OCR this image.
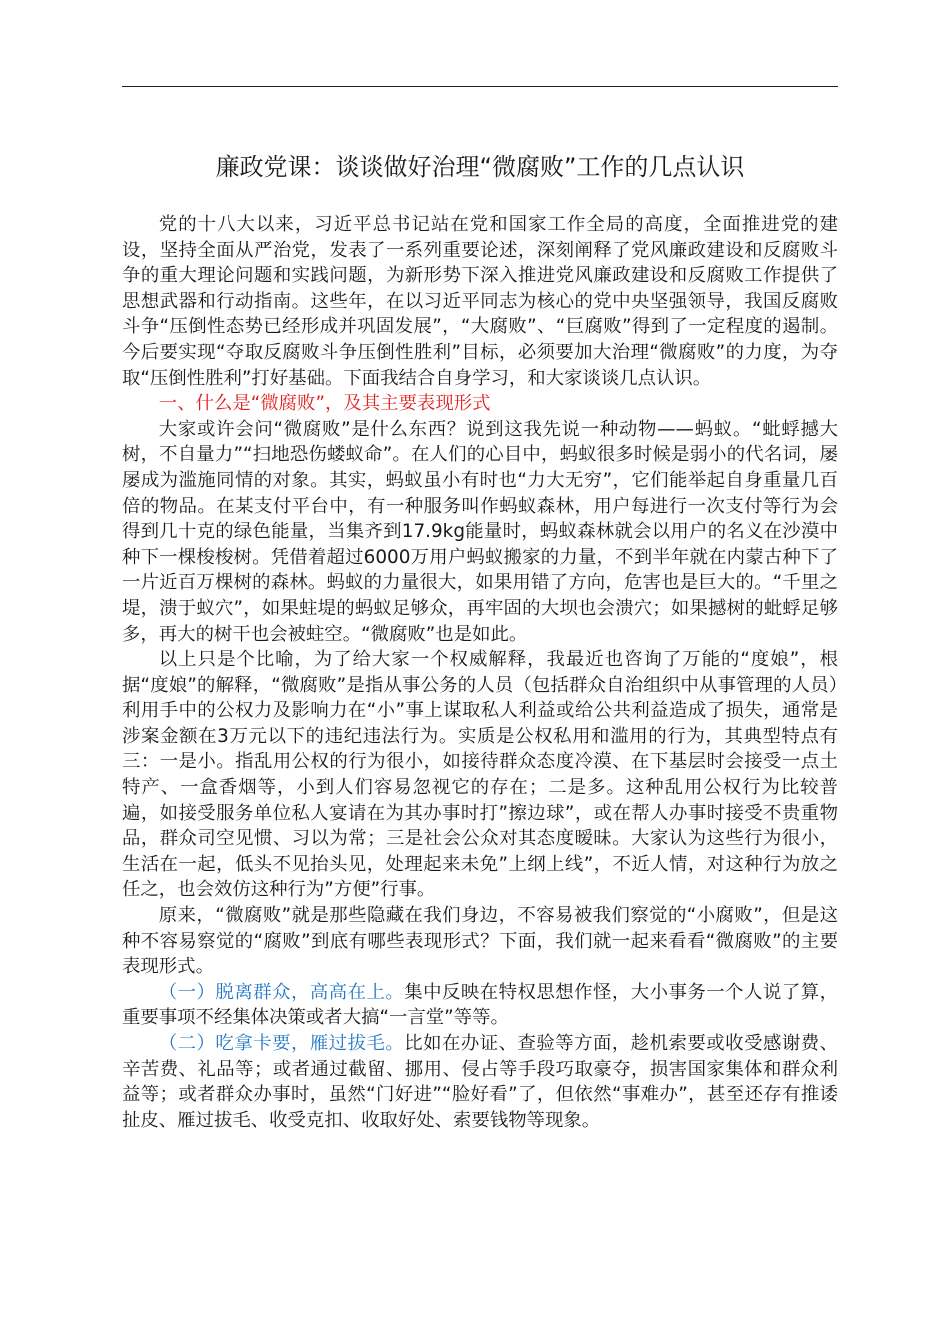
廉政党课：谈谈做好治理“微腐败”工作的几点认识

党的十八大以来，习近平总书记站在党和国家工作全局的高度，全面推进党的建设，坚持全面从严治党，发表了一系列重要论述，深刻阐释了党风廉政建设和反腐败斗争的重大理论问题和实践问题，为新形势下深入推进党风廉政建设和反腐败工作提供了思想武器和行动指南。这些年，在以习近平同志为核心的党中央坚强领导，我国反腐败斗争“压倒性态势已经形成并巩固发展”，“大腐败”、“巨腐败”得到了一定程度的遏制。今后要实现“夺取反腐败斗争压倒性胜利”目标，必须要加大治理“微腐败”的力度，为夺取“压倒性胜利”打好基础。下面我结合自身学习，和大家谈谈几点认识。

一、什么是“微腐败”，及其主要表现形式

大家或许会问“微腐败”是什么东西？说到这我先说一种动物——蚂蚁。“蚍蜉撼大树，不自量力”“扫地恐伤蝼蚁命”。在人们的心目中，蚂蚁很多时候是弱小的代名词，屡屡成为滥施同情的对象。其实，蚂蚁虽小有时也“力大无穷”，它们能举起自身重量几百倍的物品。在某支付平台中，有一种服务叫作蚂蚁森林，用户每进行一次支付等行为会得到几十克的绿色能量，当集齐到17.9kg能量时，蚂蚁森林就会以用户的名义在沙漠中种下一棵梭梭树。凭借着超过6000万用户蚂蚁搬家的力量，不到半年就在内蒙古种下了一片近百万棵树的森林。蚂蚁的力量很大，如果用错了方向，危害也是巨大的。“千里之堤，溃于蚁穴”，如果蛀堤的蚂蚁足够众，再牢固的大坝也会溃穴；如果撼树的蚍蜉足够多，再大的树干也会被蛀空。“微腐败”也是如此。

以上只是个比喻，为了给大家一个权威解释，我最近也咨询了万能的“度娘”，根据“度娘”的解释，“微腐败”是指从事公务的人员（包括群众自治组织中从事管理的人员）利用手中的公权力及影响力在“小”事上谋取私人利益或给公共利益造成了损失，通常是涉案金额在3万元以下的违纪违法行为。实质是公权私用和滥用的行为，其典型特点有三：一是小。指乱用公权的行为很小，如接待群众态度冷漠、在下基层时会接受一点土特产、一盒香烟等，小到人们容易忽视它的存在；二是多。这种乱用公权行为比较普遍，如接受服务单位私人宴请在为其办事时打”擦边球”，或在帮人办事时接受不贵重物品，群众司空见惯、习以为常；三是社会公众对其态度暧昧。大家认为这些行为很小，生活在一起，低头不见抬头见，处理起来未免”上纲上线”，不近人情，对这种行为放之任之，也会效仿这种行为”方便”行事。

原来，“微腐败”就是那些隐藏在我们身边，不容易被我们察觉的“小腐败”，但是这种不容易察觉的“腐败”到底有哪些表现形式？下面，我们就一起来看看“微腐败”的主要表现形式。

（一）脱离群众，高高在上。集中反映在特权思想作怪，大小事务一个人说了算，重要事项不经集体决策或者大搞“一言堂”等等。

（二）吃拿卡要，雁过拔毛。比如在办证、查验等方面，趁机索要或收受感谢费、辛苦费、礼品等；或者通过截留、挪用、侵占等手段巧取豪夺，损害国家集体和群众利益等；或者群众办事时，虽然“门好进”“脸好看”了，但依然“事难办”，甚至还存有推诿扯皮、雁过拔毛、收受克扣、收取好处、索要钱物等现象。
